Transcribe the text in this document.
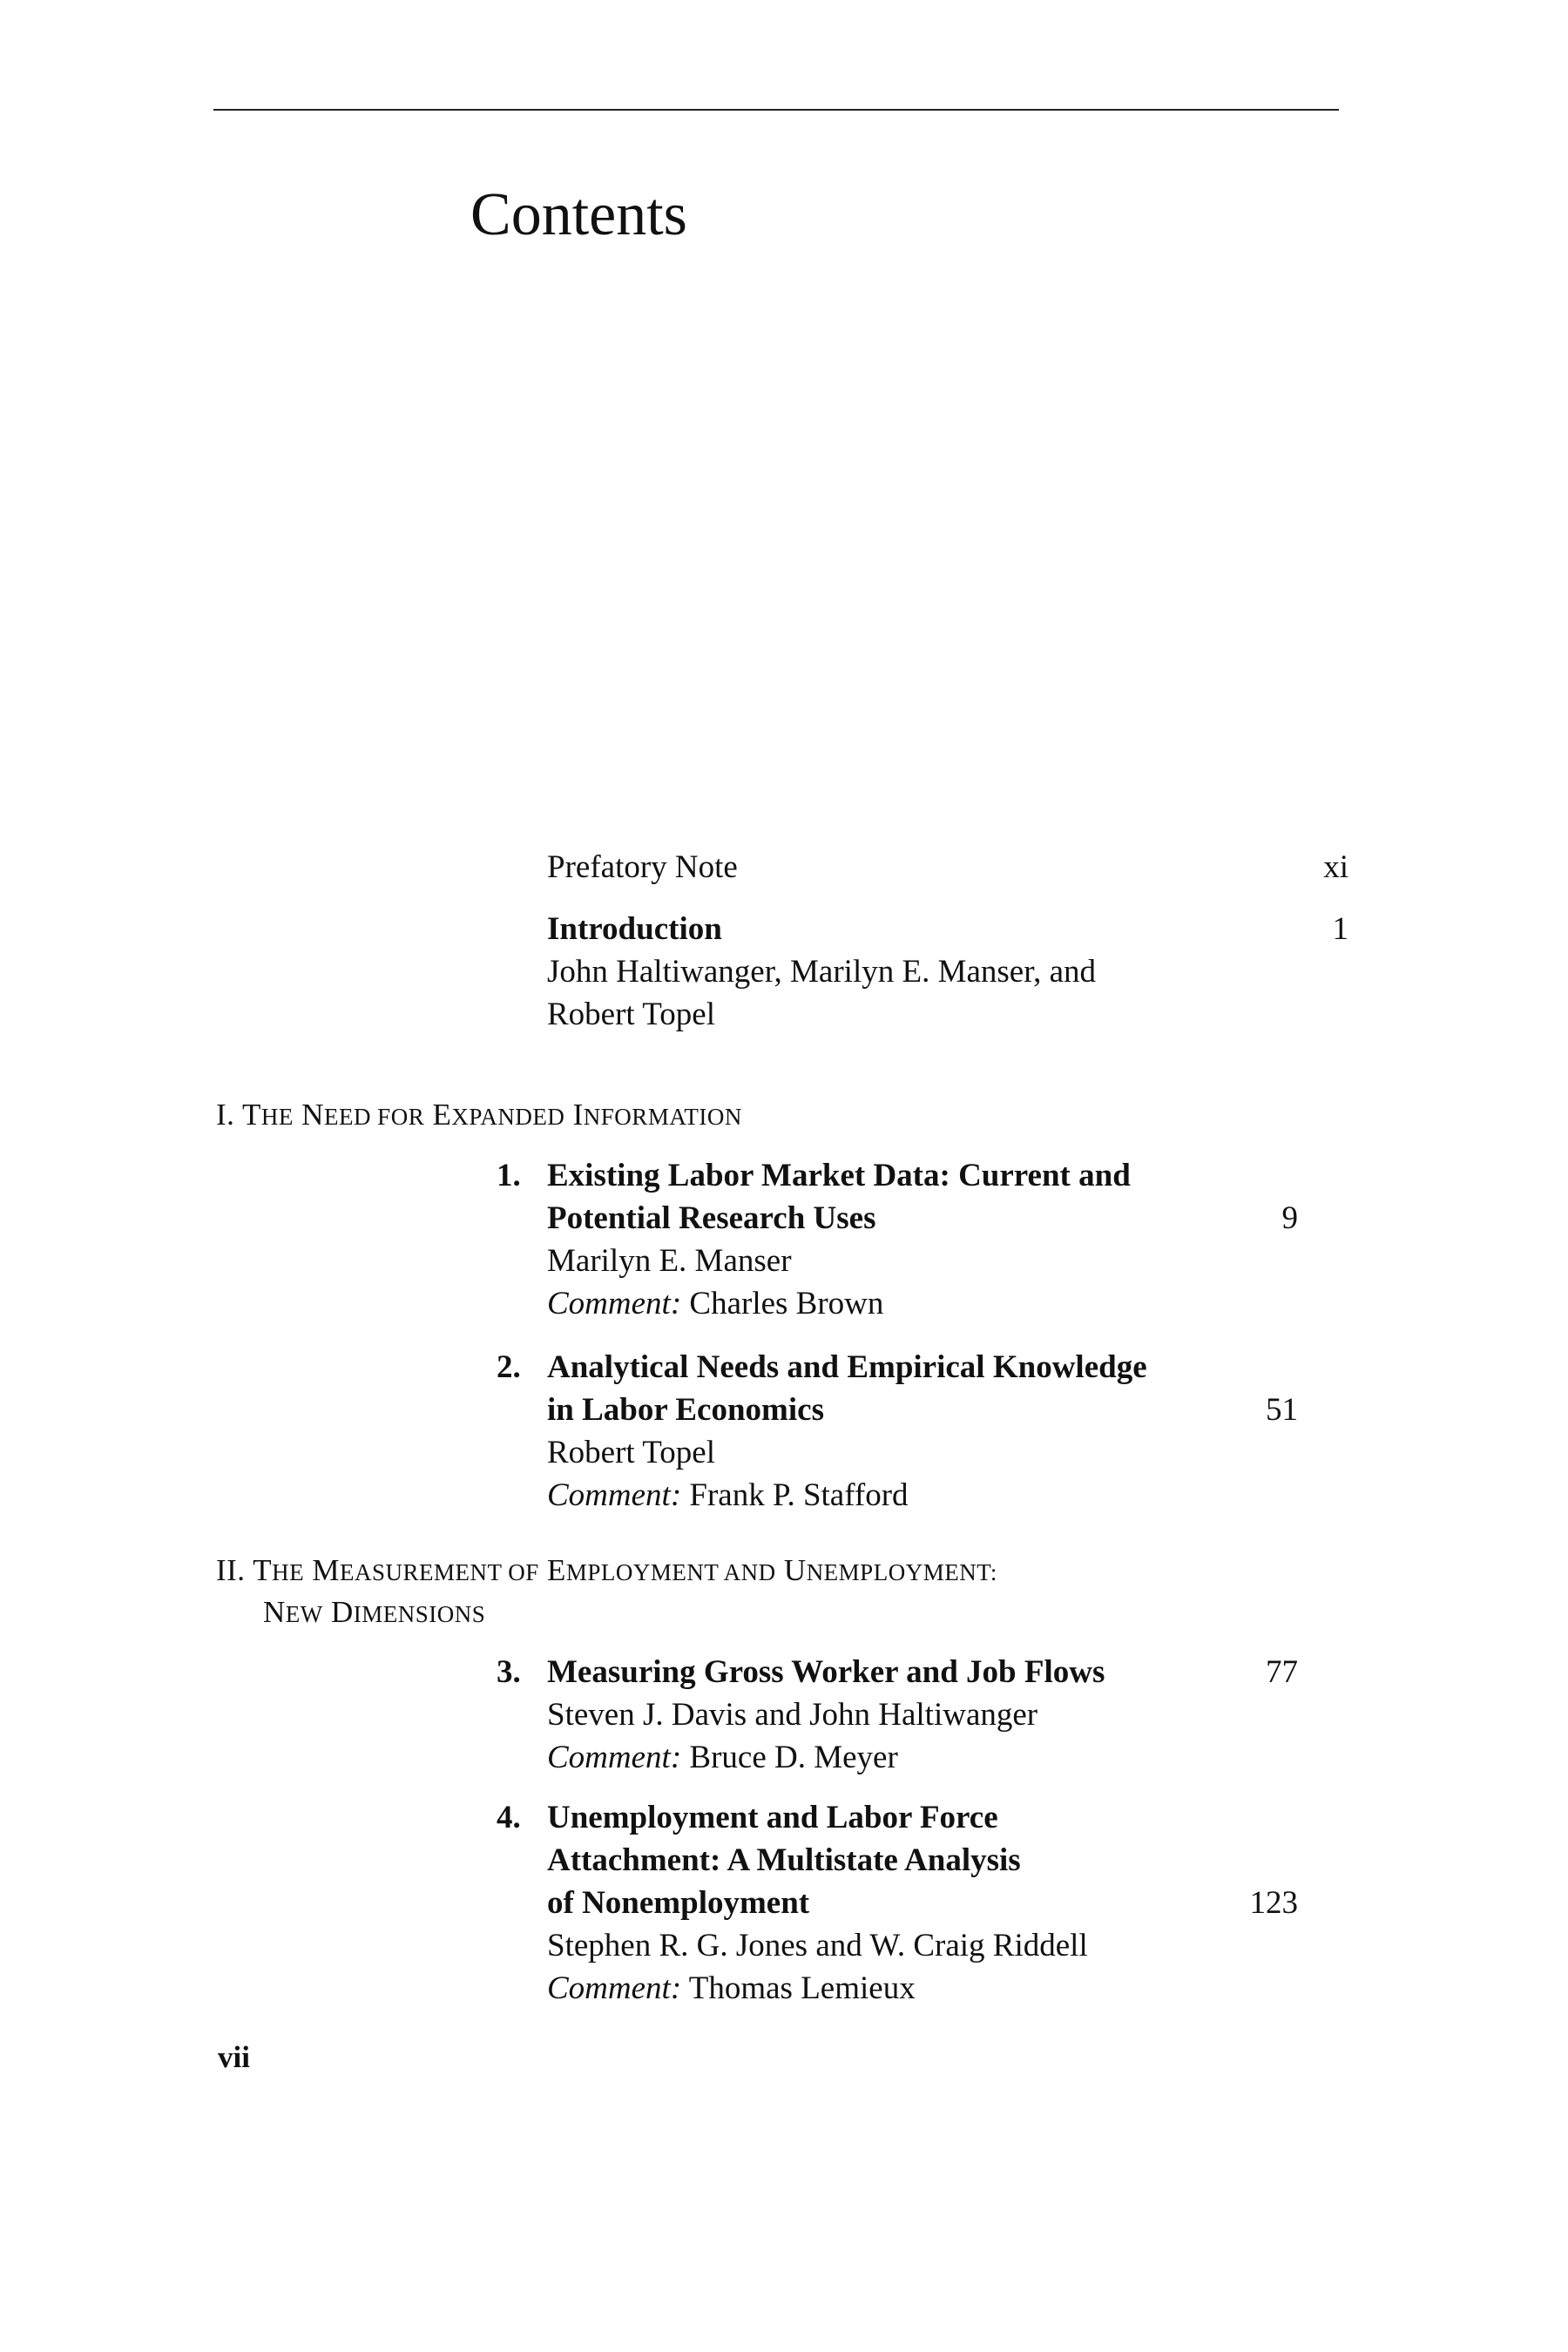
Contents
Prefatory Note	xi
Introduction	1
John Haltiwanger, Marilyn E. Manser, and
Robert Topel
I. THE NEED FOR EXPANDED INFORMATION
1. Existing Labor Market Data: Current and
Potential Research Uses
Marilyn E. Manser
Comment: Charles Brown
9
2. Analytical Needs and Empirical Knowledge
in Labor Economics
Robert Topel
Comment: Frank P. Stafford
51
II. THE MEASUREMENT OF EMPLOYMENT AND UNEMPLOYMENT:
NEW DIMENSIONS
3. Measuring Gross Worker and Job Flows
Steven J. Davis and John Haltiwanger
Comment: Bruce D. Meyer
77
4. Unemployment and Labor Force
Attachment: A Multistate Analysis
of Nonemployment
Stephen R. G. Jones and W. Craig Riddell
Comment: Thomas Lemieux
123
vii
